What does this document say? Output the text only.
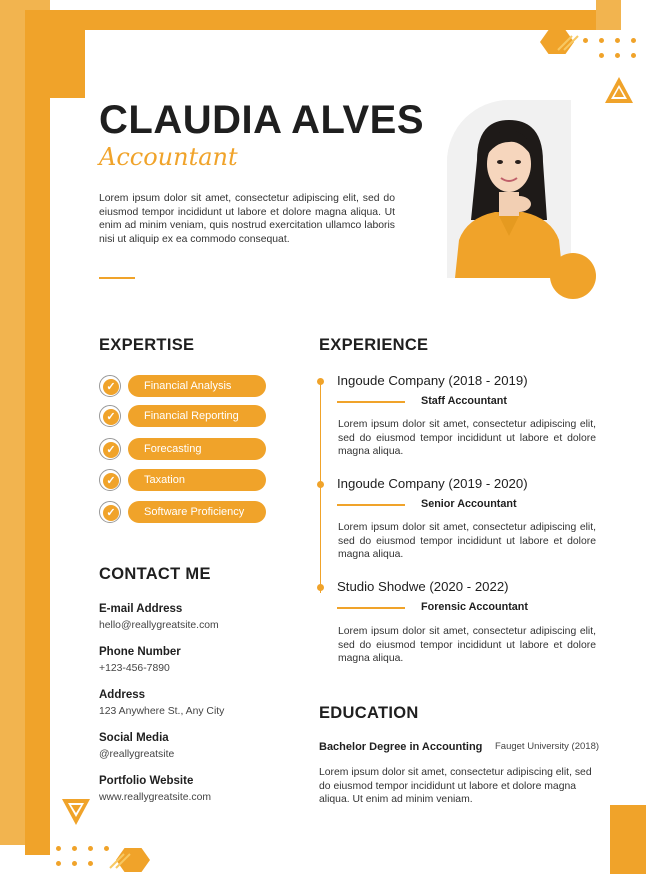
CLAUDIA ALVES
Accountant
Lorem ipsum dolor sit amet, consectetur adipiscing elit, sed do eiusmod tempor incididunt ut labore et dolore magna aliqua. Ut enim ad minim veniam, quis nostrud exercitation ullamco laboris nisi ut aliquip ex ea commodo consequat.
EXPERTISE
✓	Financial Analysis
✓	Financial Reporting
✓	Forecasting
✓	Taxation
✓	Software Proficiency
CONTACT ME
E-mail Address
hello@reallygreatsite.com
Phone Number
+123-456-7890
Address
123 Anywhere St., Any City
Social Media
@reallygreatsite
Portfolio Website
www.reallygreatsite.com
EXPERIENCE
Ingoude Company (2018 - 2019)
Staff Accountant
Lorem ipsum dolor sit amet, consectetur adipiscing elit, sed do eiusmod tempor incididunt ut labore et dolore magna aliqua.
Ingoude Company (2019 - 2020)
Senior Accountant
Lorem ipsum dolor sit amet, consectetur adipiscing elit, sed do eiusmod tempor incididunt ut labore et dolore magna aliqua.
Studio Shodwe (2020 - 2022)
Forensic Accountant
Lorem ipsum dolor sit amet, consectetur adipiscing elit, sed do eiusmod tempor incididunt ut labore et dolore magna aliqua.
EDUCATION
Bachelor Degree in Accounting Fauget University (2018)
Lorem ipsum dolor sit amet, consectetur adipiscing elit, sed do eiusmod tempor incididunt ut labore et dolore magna aliqua. Ut enim ad minim veniam.
